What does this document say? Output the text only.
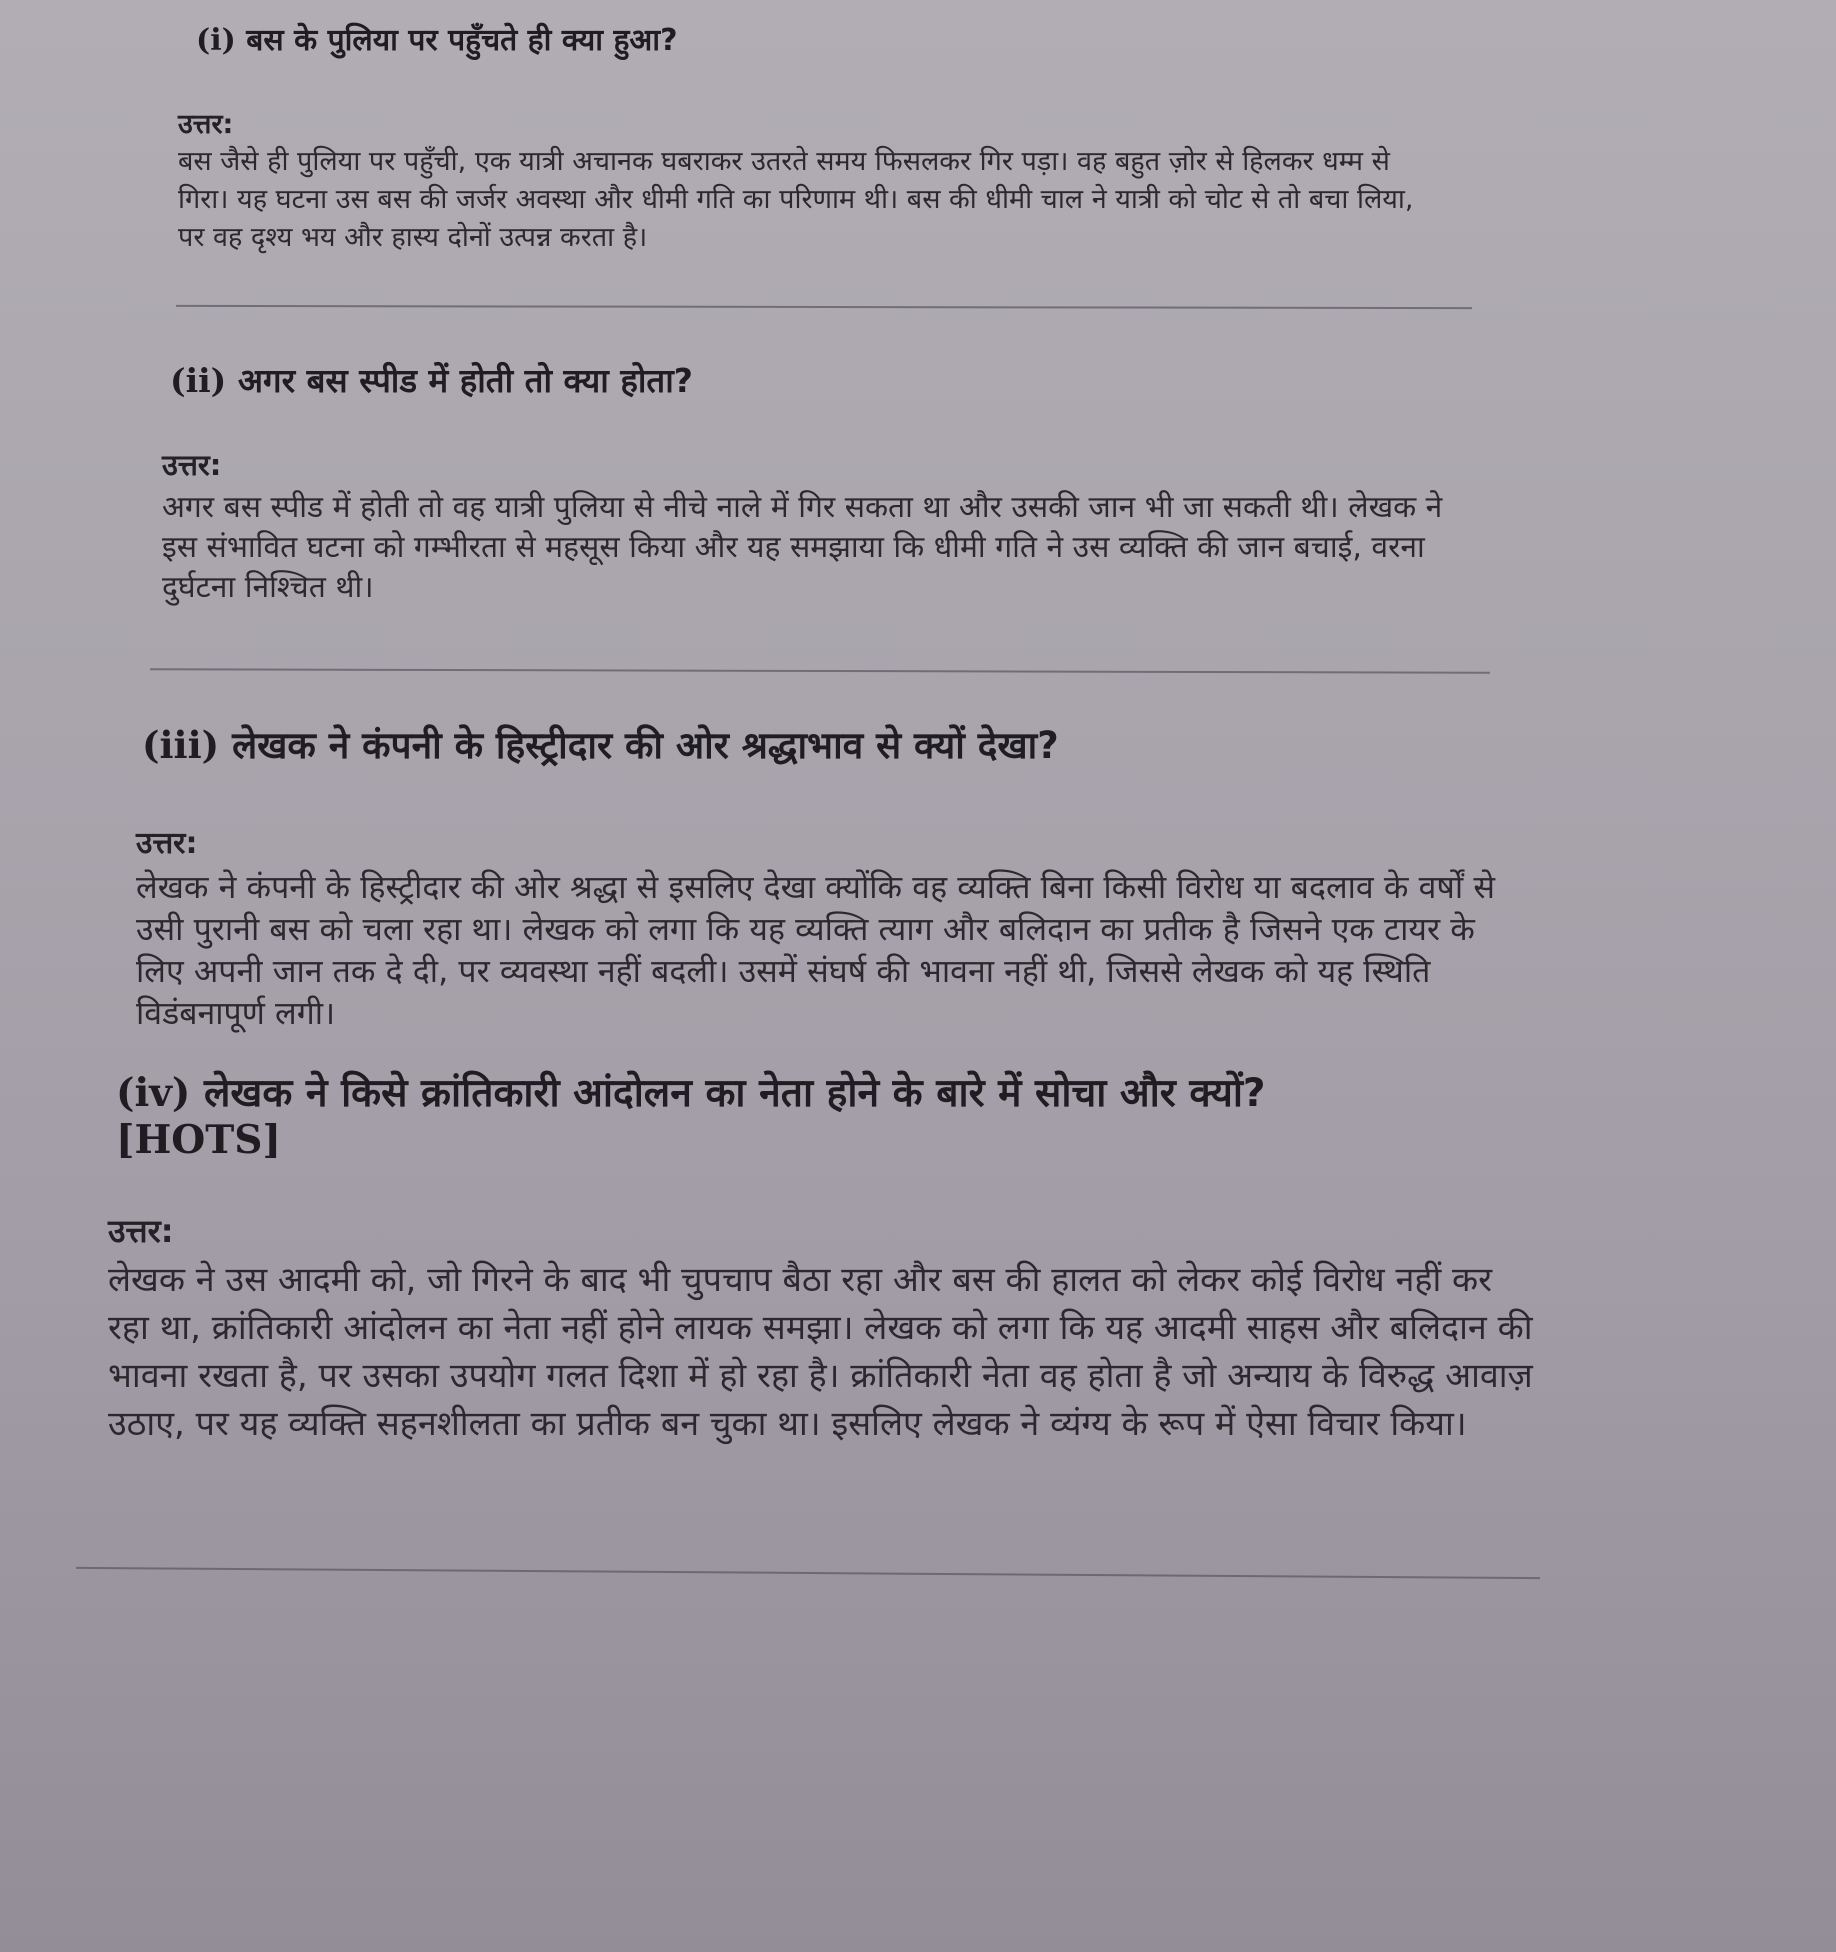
(i) बस के पुलिया पर पहुँचते ही क्या हुआ?

उत्तर:

बस जैसे ही पुलिया पर पहुँची, एक यात्री अचानक घबराकर उतरते समय फिसलकर गिर पड़ा। वह बहुत ज़ोर से हिलकर धम्म से गिरा। यह घटना उस बस की जर्जर अवस्था और धीमी गति का परिणाम थी। बस की धीमी चाल ने यात्री को चोट से तो बचा लिया, पर वह दृश्य भय और हास्य दोनों उत्पन्न करता है।

(ii) अगर बस स्पीड में होती तो क्या होता?

उत्तर:

अगर बस स्पीड में होती तो वह यात्री पुलिया से नीचे नाले में गिर सकता था और उसकी जान भी जा सकती थी। लेखक ने इस संभावित घटना को गम्भीरता से महसूस किया और यह समझाया कि धीमी गति ने उस व्यक्ति की जान बचाई, वरना दुर्घटना निश्चित थी।

(iii) लेखक ने कंपनी के हिस्ट्रीदार की ओर श्रद्धाभाव से क्यों देखा?

उत्तर:

लेखक ने कंपनी के हिस्ट्रीदार की ओर श्रद्धा से इसलिए देखा क्योंकि वह व्यक्ति बिना किसी विरोध या बदलाव के वर्षों से उसी पुरानी बस को चला रहा था। लेखक को लगा कि यह व्यक्ति त्याग और बलिदान का प्रतीक है जिसने एक टायर के लिए अपनी जान तक दे दी, पर व्यवस्था नहीं बदली। उसमें संघर्ष की भावना नहीं थी, जिससे लेखक को यह स्थिति विडंबनापूर्ण लगी।

(iv) लेखक ने किसे क्रांतिकारी आंदोलन का नेता होने के बारे में सोचा और क्यों?
[HOTS]

उत्तर:

लेखक ने उस आदमी को, जो गिरने के बाद भी चुपचाप बैठा रहा और बस की हालत को लेकर कोई विरोध नहीं कर रहा था, क्रांतिकारी आंदोलन का नेता नहीं होने लायक समझा। लेखक को लगा कि यह आदमी साहस और बलिदान की भावना रखता है, पर उसका उपयोग गलत दिशा में हो रहा है। क्रांतिकारी नेता वह होता है जो अन्याय के विरुद्ध आवाज़ उठाए, पर यह व्यक्ति सहनशीलता का प्रतीक बन चुका था। इसलिए लेखक ने व्यंग्य के रूप में ऐसा विचार किया।
